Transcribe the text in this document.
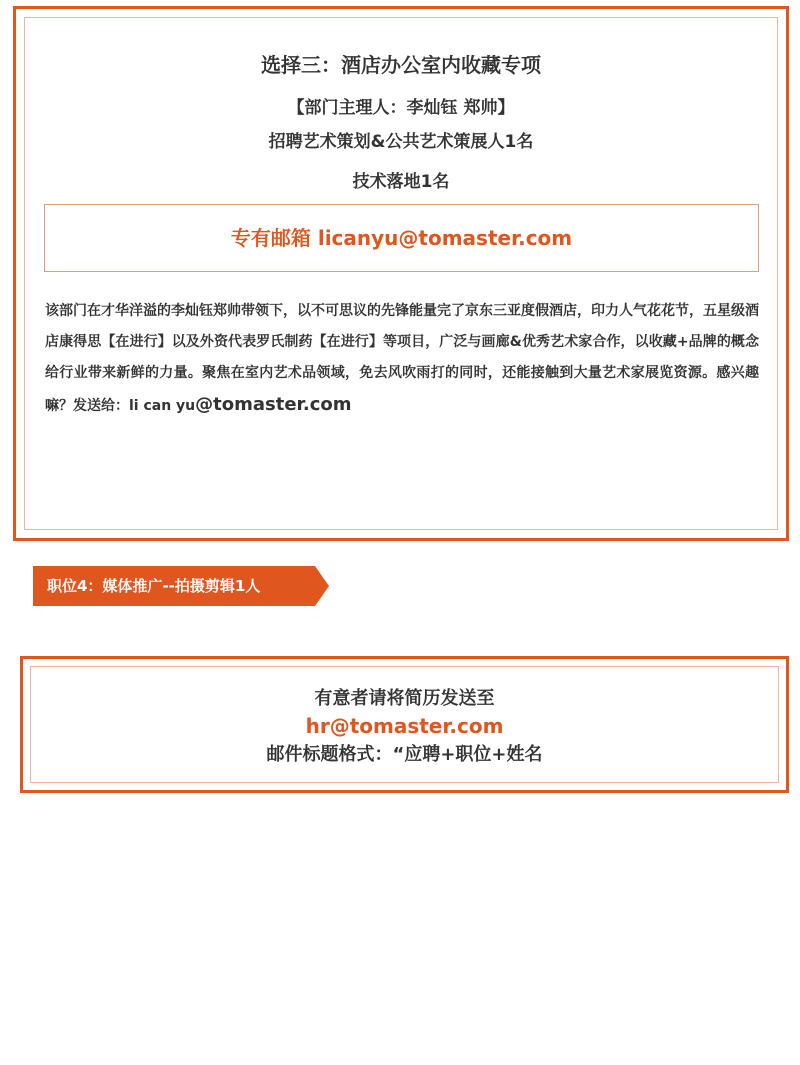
选择三：酒店办公室内收藏专项
【部门主理人：李灿钰 郑帅】
招聘艺术策划&公共艺术策展人1名
技术落地1名
专有邮箱 licanyu@tomaster.com
该部门在才华洋溢的李灿钰郑帅带领下，以不可思议的先锋能量完了京东三亚度假酒店，印力人气花花节，五星级酒店康得思【在进行】以及外资代表罗氏制药【在进行】等项目，广泛与画廊&优秀艺术家合作，以收藏+品牌的概念给行业带来新鲜的力量。聚焦在室内艺术品领域，免去风吹雨打的同时，还能接触到大量艺术家展览资源。感兴趣嘛？发送给：li can yu@tomaster.com
职位4：媒体推广--拍摄剪辑1人
有意者请将简历发送至
hr@tomaster.com
邮件标题格式：“应聘+职位+姓名
